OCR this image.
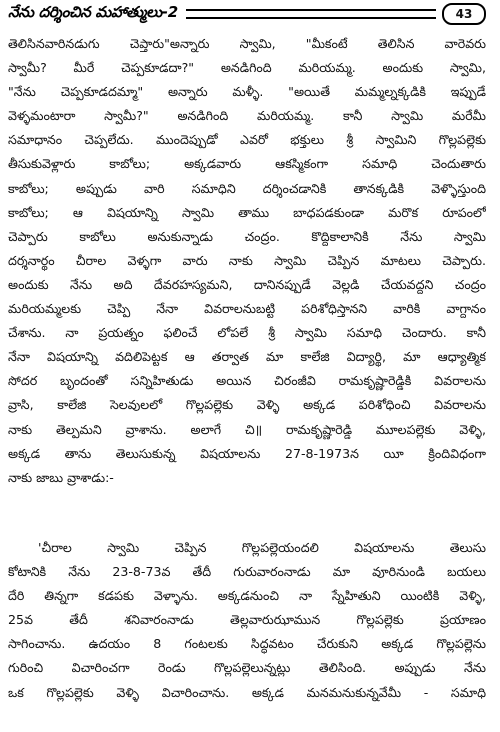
నేను దర్శించిన మహాత్ములు-2	43
తెలిసినవారినడుగు చెప్తారు"అన్నారు స్వామి, "మీకంటే తెలిసిన వారెవరు
స్వామీ? మీరే చెప్పకూడదా?" అనడిగింది మరియమ్మ. అందుకు స్వామి,
"నేను చెప్పకూడదమ్మా" అన్నారు మళ్ళీ. "అయితే మమ్మల్నక్కడికి ఇప్పుడే
వెళ్ళమంటారా స్వామీ?" అనడిగింది మరియమ్మ. కానీ స్వామి మరేమీ
సమాధానం చెప్పలేదు. ముందెప్పుడో ఎవరో భక్తులు శ్రీ స్వామిని గొల్లపల్లెకు
తీసుకువెళ్లారు కాబోలు; అక్కడవారు ఆకస్మికంగా సమాధి చెందుతారు
కాబోలు; అప్పుడు వారి సమాధిని దర్శించడానికి తానక్కడికి వెళ్ళొస్తుంది
కాబోలు; ఆ విషయాన్ని స్వామి తాము బాధపడకుండా మరొక రూపంలో
చెప్పారు కాబోలు అనుకున్నాడు చంద్రం. కొద్దికాలానికి నేను స్వామి
దర్శనార్థం చీరాల వెళ్ళగా వారు నాకు స్వామి చెప్పిన మాటలు చెప్పారు.
అందుకు నేను అది దేవరహస్యమని, దానినప్పుడే వెల్లడి చేయవద్దని చంద్రం
మరియమ్మలకు చెప్పి నేనా వివరాలనుబట్టి పరిశోధిస్తానని వారికి వాగ్దానం
చేశాను. నా ప్రయత్నం ఫలించే లోపలే శ్రీ స్వామి సమాధి చెందారు. కానీ
నేనా విషయాన్ని వదిలిపెట్టక ఆ తర్వాత మా కాలేజి విద్యార్థి, మా ఆధ్యాత్మిక
సోదర బృందంతో సన్నిహితుడు అయిన చిరంజీవి రామకృష్ణారెడ్డికి వివరాలను
వ్రాసి, కాలేజి సెలవులలో గొల్లపల్లెకు వెళ్ళి అక్కడ పరిశోధించి వివరాలను
నాకు తెల్పమని వ్రాశాను. అలాగే చి॥ రామకృష్ణారెడ్డి మూలపల్లెకు వెళ్ళి,
అక్కడ తాను తెలుసుకున్న విషయాలను 27-8-1973న యీ క్రిందివిధంగా
నాకు జాబు వ్రాశాడు:-
'చీరాల స్వామి చెప్పిన గొల్లపల్లెయందలి విషయాలను తెలుసు
కోటానికి నేను 23-8-73వ తేదీ గురువారంనాడు మా వూరినుండి బయలు
దేరి తిన్నగా కడపకు వెళ్ళాను. అక్కడనుంచి నా స్నేహితుని యింటికి వెళ్ళి,
25వ తేదీ శనివారంనాడు తెల్లవారుఝామున గొల్లపల్లెకు ప్రయాణం
సాగించాను. ఉదయం 8 గంటలకు సిద్ధవటం చేరుకుని అక్కడ గొల్లపల్లెను
గురించి విచారించగా రెండు గొల్లపల్లెలున్నట్లు తెలిసింది. అప్పుడు నేను
ఒక గొల్లపల్లెకు వెళ్ళి విచారించాను. అక్కడ మనమనుకున్నవేమీ - సమాధి
